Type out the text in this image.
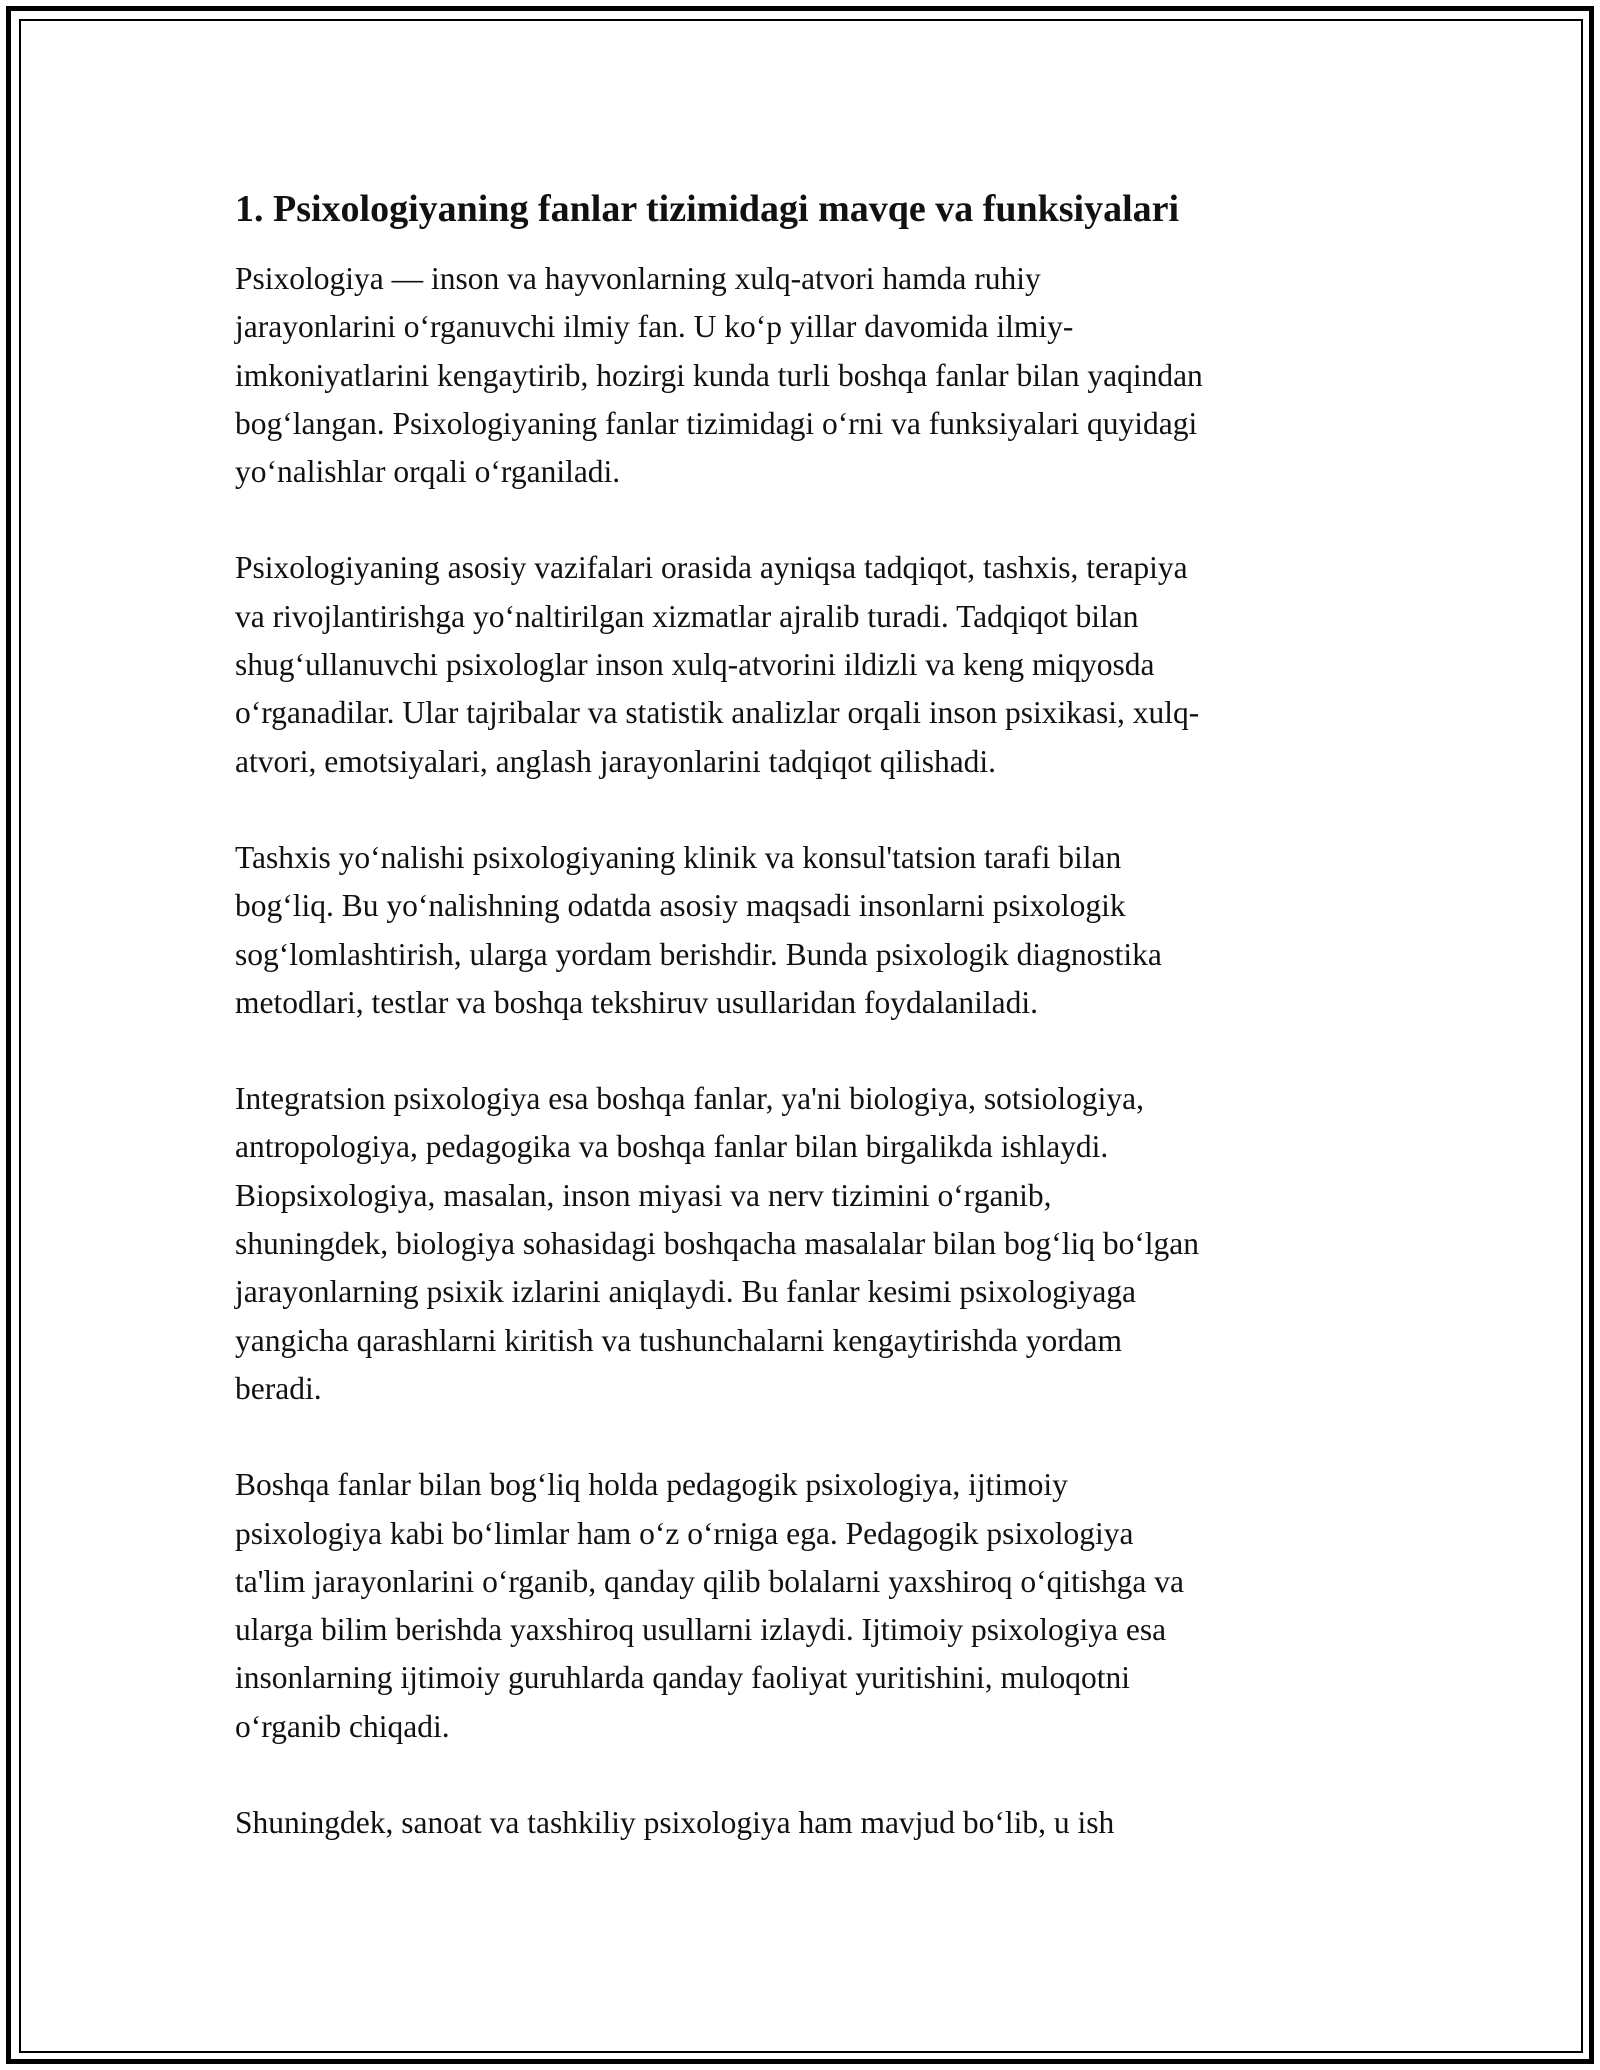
1. Psixologiyaning fanlar tizimidagi mavqe va funksiyalari

Psixologiya — inson va hayvonlarning xulq-atvori hamda ruhiy
jarayonlarini o‘rganuvchi ilmiy fan. U ko‘p yillar davomida ilmiy-
imkoniyatlarini kengaytirib, hozirgi kunda turli boshqa fanlar bilan yaqindan
bog‘langan. Psixologiyaning fanlar tizimidagi o‘rni va funksiyalari quyidagi
yo‘nalishlar orqali o‘rganiladi.

Psixologiyaning asosiy vazifalari orasida ayniqsa tadqiqot, tashxis, terapiya
va rivojlantirishga yo‘naltirilgan xizmatlar ajralib turadi. Tadqiqot bilan
shug‘ullanuvchi psixologlar inson xulq-atvorini ildizli va keng miqyosda
o‘rganadilar. Ular tajribalar va statistik analizlar orqali inson psixikasi, xulq-
atvori, emotsiyalari, anglash jarayonlarini tadqiqot qilishadi.

Tashxis yo‘nalishi psixologiyaning klinik va konsul'tatsion tarafi bilan
bog‘liq. Bu yo‘nalishning odatda asosiy maqsadi insonlarni psixologik
sog‘lomlashtirish, ularga yordam berishdir. Bunda psixologik diagnostika
metodlari, testlar va boshqa tekshiruv usullaridan foydalaniladi.

Integratsion psixologiya esa boshqa fanlar, ya'ni biologiya, sotsiologiya,
antropologiya, pedagogika va boshqa fanlar bilan birgalikda ishlaydi.
Biopsixologiya, masalan, inson miyasi va nerv tizimini o‘rganib,
shuningdek, biologiya sohasidagi boshqacha masalalar bilan bog‘liq bo‘lgan
jarayonlarning psixik izlarini aniqlaydi. Bu fanlar kesimi psixologiyaga
yangicha qarashlarni kiritish va tushunchalarni kengaytirishda yordam
beradi.

Boshqa fanlar bilan bog‘liq holda pedagogik psixologiya, ijtimoiy
psixologiya kabi bo‘limlar ham o‘z o‘rniga ega. Pedagogik psixologiya
ta'lim jarayonlarini o‘rganib, qanday qilib bolalarni yaxshiroq o‘qitishga va
ularga bilim berishda yaxshiroq usullarni izlaydi. Ijtimoiy psixologiya esa
insonlarning ijtimoiy guruhlarda qanday faoliyat yuritishini, muloqotni
o‘rganib chiqadi.

Shuningdek, sanoat va tashkiliy psixologiya ham mavjud bo‘lib, u ish
